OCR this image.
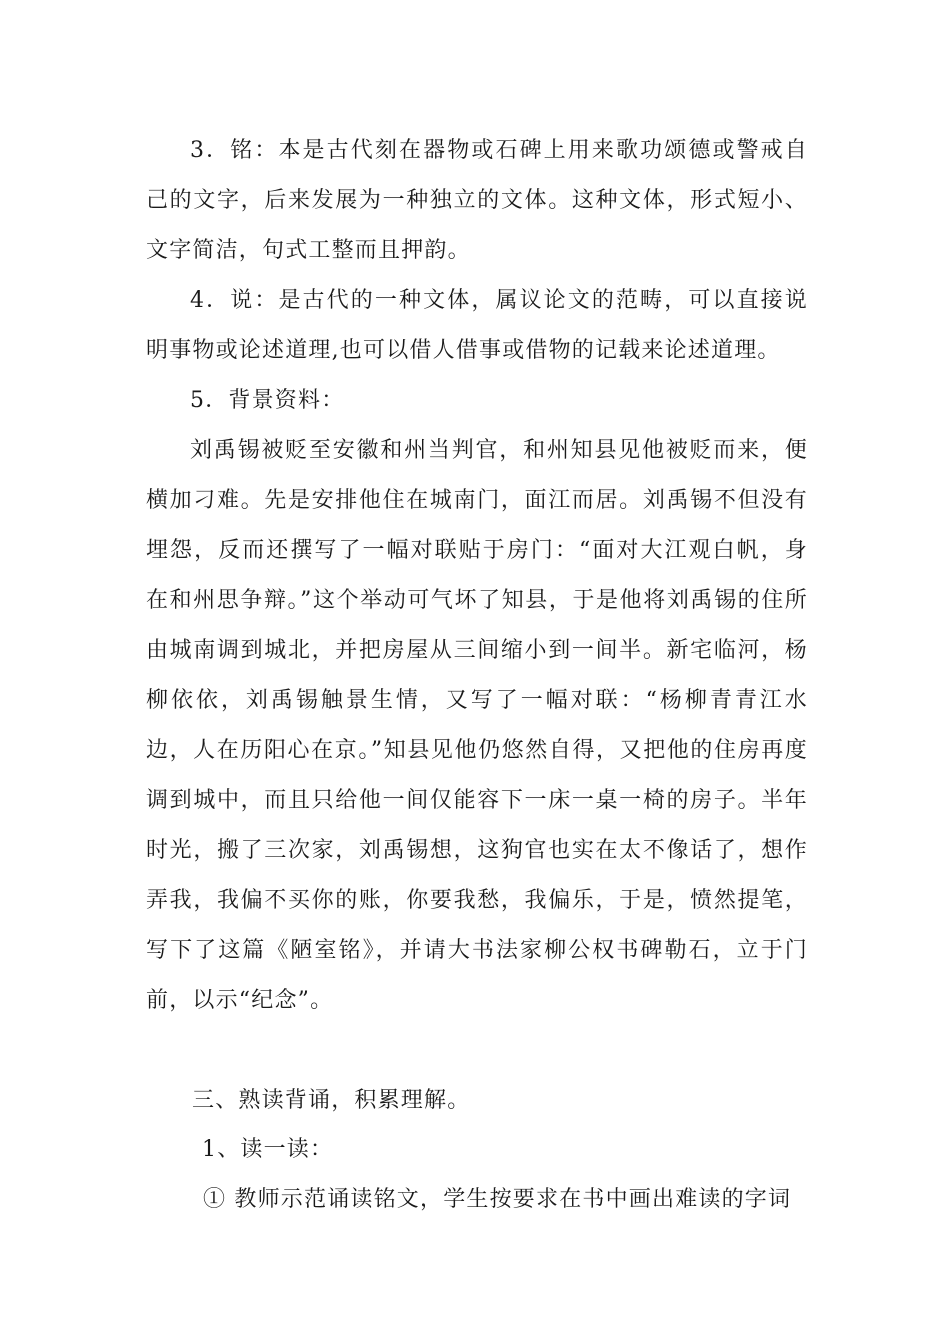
3．铭：本是古代刻在器物或石碑上用来歌功颂德或警戒自己的文字，后来发展为一种独立的文体。这种文体，形式短小、文字简洁，句式工整而且押韵。

4．说：是古代的一种文体，属议论文的范畴，可以直接说明事物或论述道理,也可以借人借事或借物的记载来论述道理。

5．背景资料：

刘禹锡被贬至安徽和州当判官，和州知县见他被贬而来，便横加刁难。先是安排他住在城南门，面江而居。刘禹锡不但没有埋怨，反而还撰写了一幅对联贴于房门：“面对大江观白帆，身在和州思争辩。”这个举动可气坏了知县，于是他将刘禹锡的住所由城南调到城北，并把房屋从三间缩小到一间半。新宅临河，杨柳依依，刘禹锡触景生情，又写了一幅对联：“杨柳青青江水边，人在历阳心在京。”知县见他仍悠然自得，又把他的住房再度调到城中，而且只给他一间仅能容下一床一桌一椅的房子。半年时光，搬了三次家，刘禹锡想，这狗官也实在太不像话了，想作弄我，我偏不买你的账，你要我愁，我偏乐，于是，愤然提笔，写下了这篇《陋室铭》，并请大书法家柳公权书碑勒石，立于门前，以示“纪念”。

三、熟读背诵，积累理解。

1、读一读：

① 教师示范诵读铭文，学生按要求在书中画出难读的字词
